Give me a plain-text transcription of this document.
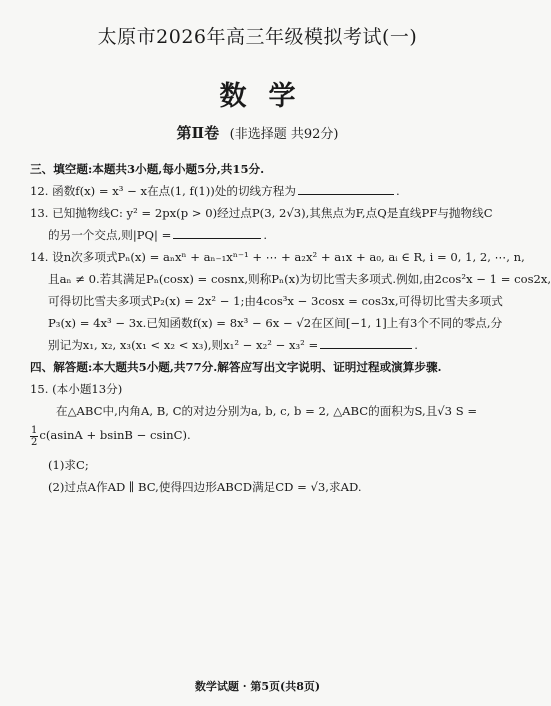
太原市2026年高三年级模拟考试(一)
数学
第Ⅱ卷 (非选择题 共92分)
三、填空题:本题共3小题,每小题5分,共15分.
12. 函数f(x) = x³ − x在点(1, f(1))处的切线方程为	.
13. 已知抛物线C: y² = 2px(p > 0)经过点P(3, 2√3),其焦点为F,点Q是直线PF与抛物线C
的另一个交点,则|PQ| =	.
14. 设n次多项式Pₙ(x) = aₙxⁿ + aₙ₋₁xⁿ⁻¹ + ⋯ + a₂x² + a₁x + a₀, aᵢ ∈ R, i = 0, 1, 2, ⋯, n,
且aₙ ≠ 0.若其满足Pₙ(cosx) = cosnx,则称Pₙ(x)为切比雪夫多项式.例如,由2cos²x − 1 = cos2x,
可得切比雪夫多项式P₂(x) = 2x² − 1;由4cos³x − 3cosx = cos3x,可得切比雪夫多项式
P₃(x) = 4x³ − 3x.已知函数f(x) = 8x³ − 6x − √2在区间[−1, 1]上有3个不同的零点,分
别记为x₁, x₂, x₃(x₁ < x₂ < x₃),则x₁² − x₂² − x₃² =	.
四、解答题:本大题共5小题,共77分.解答应写出文字说明、证明过程或演算步骤.
15. (本小题13分)
在△ABC中,内角A, B, C的对边分别为a, b, c, b = 2, △ABC的面积为S,且√3 S =
$\frac{1}{2} c(asinA + bsinB - csinC)$.
(1)求C;
(2)过点A作AD ∥ BC,使得四边形ABCD满足CD = √3,求AD.
数学试题 · 第5页(共8页)
